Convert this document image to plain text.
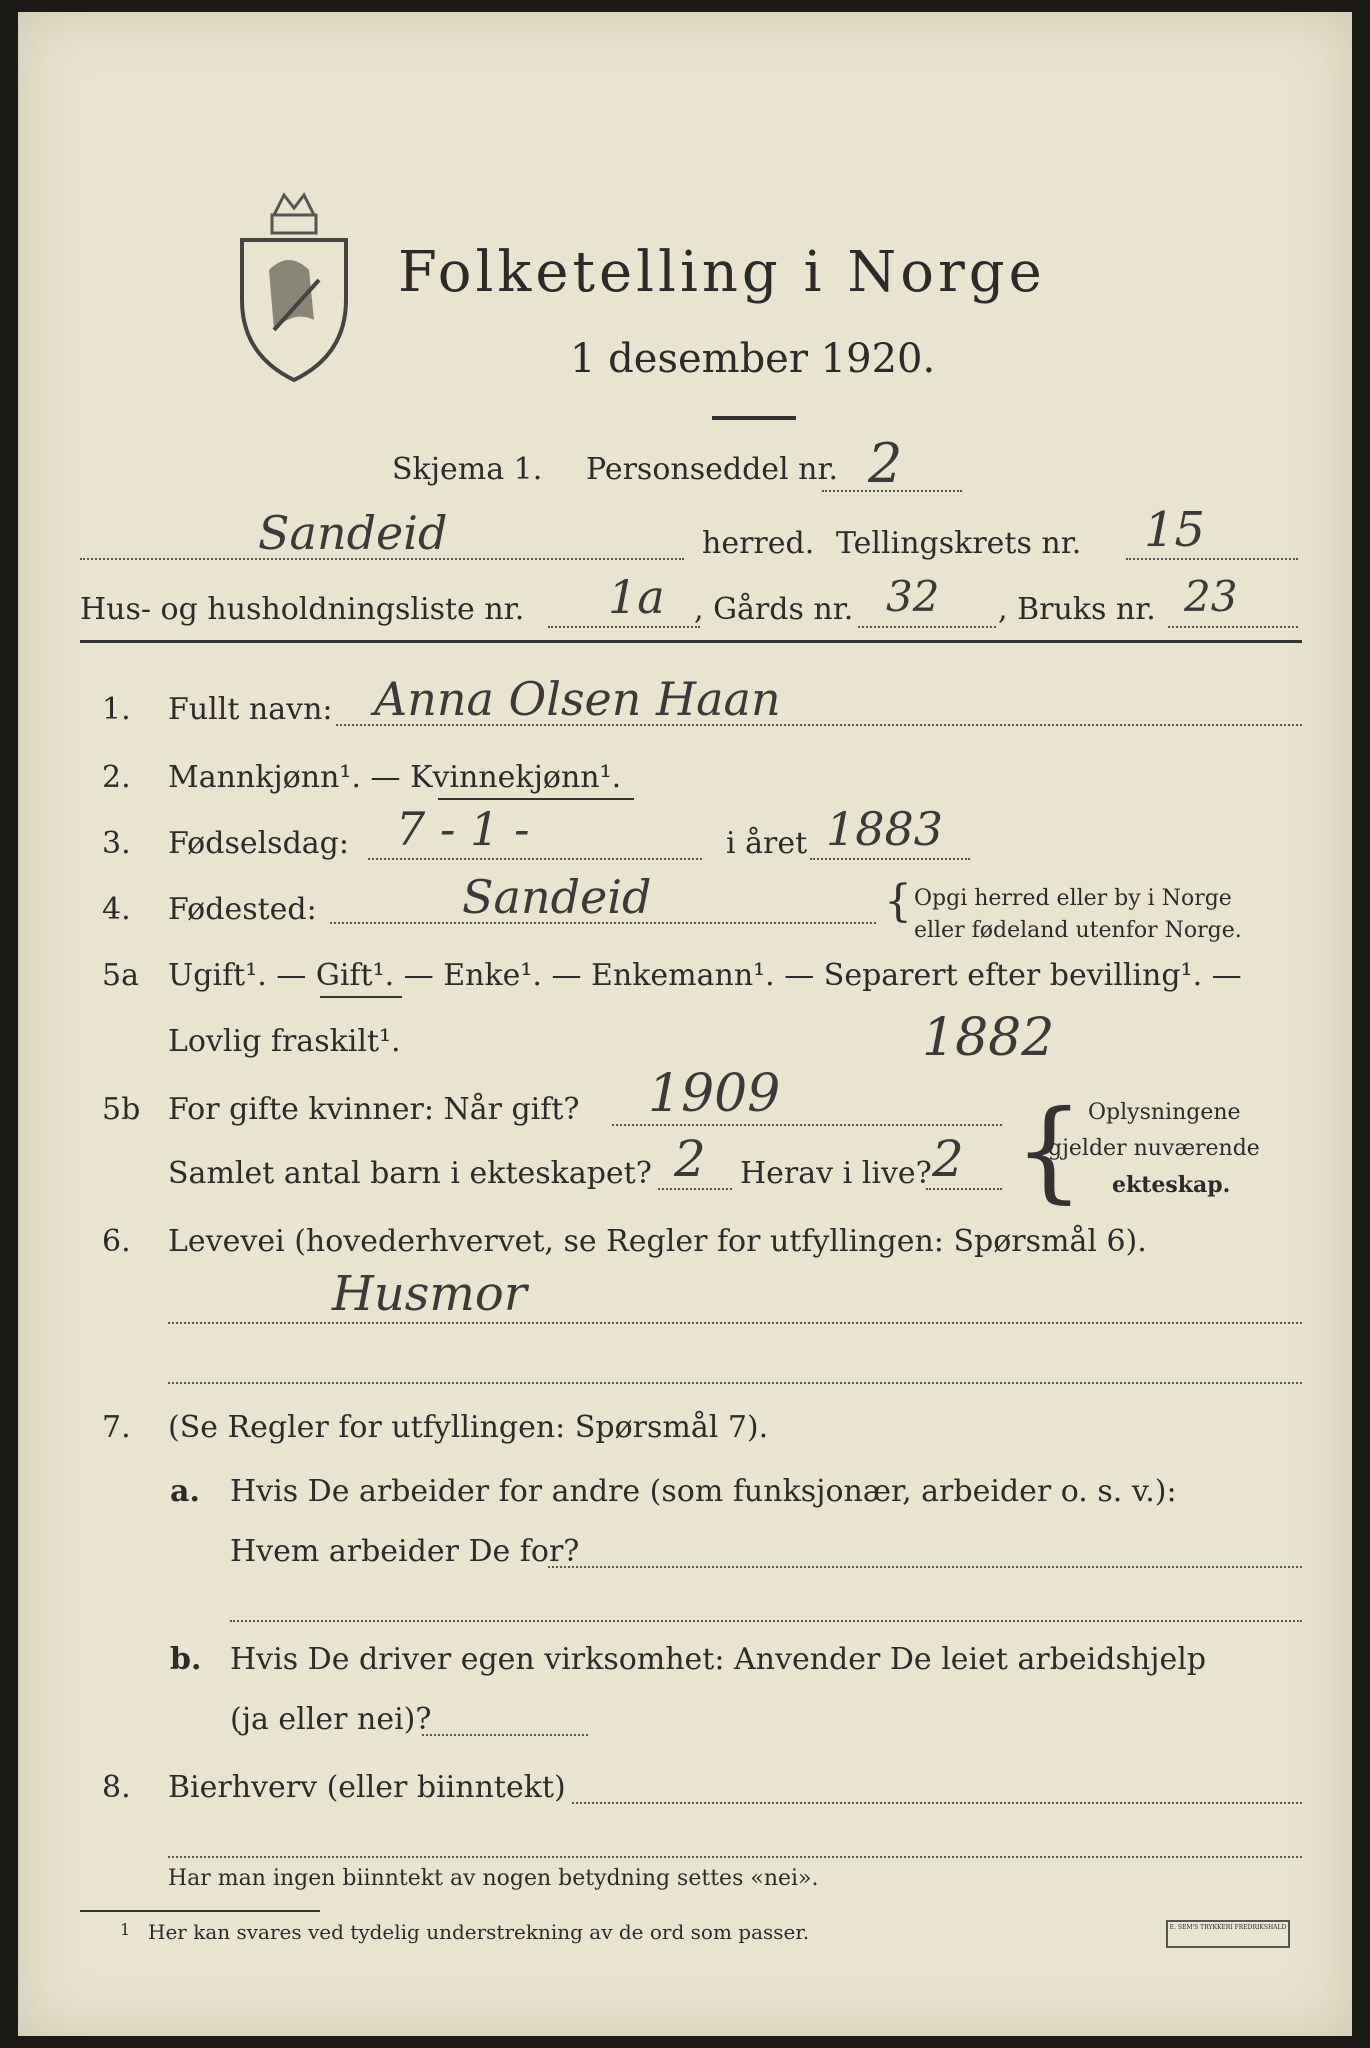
Folketelling i Norge
1 desember 1920.
Skjema 1. Personseddel nr. 2
Sandeid	herred. Tellingskrets nr. 15
Hus- og husholdningsliste nr. 1a , Gårds nr. 32 , Bruks nr. 23
1. Fullt navn: Anna Olsen Haan
2. Mannkjønn¹. — Kvinnekjønn¹.
3. Fødselsdag: 7 - 1 -	i året 1883
4. Fødested:	Sandeid	{ Opgi herred eller by i Norge
eller fødeland utenfor Norge.
5a Ugift¹. — Gift¹. — Enke¹. — Enkemann¹. — Separert efter bevilling¹. —
Lovlig fraskilt¹.	1882
5b For gifte kvinner: Når gift? 1909
Samlet antal barn i ekteskapet? 2 Herav i live? 2 { Oplysningene
gjelder nuværende
ekteskap.
6. Levevei (hovederhvervet, se Regler for utfyllingen: Spørsmål 6).
Husmor
7. (Se Regler for utfyllingen: Spørsmål 7).
a. Hvis De arbeider for andre (som funksjonær, arbeider o. s. v.):
Hvem arbeider De for?
b. Hvis De driver egen virksomhet: Anvender De leiet arbeidshjelp
(ja eller nei)?
8. Bierhverv (eller biinntekt)
Har man ingen biinntekt av nogen betydning settes «nei».
1 Her kan svares ved tydelig understrekning av de ord som passer.	E. SEM'S TRYKKERI FREDRIKSHALD
